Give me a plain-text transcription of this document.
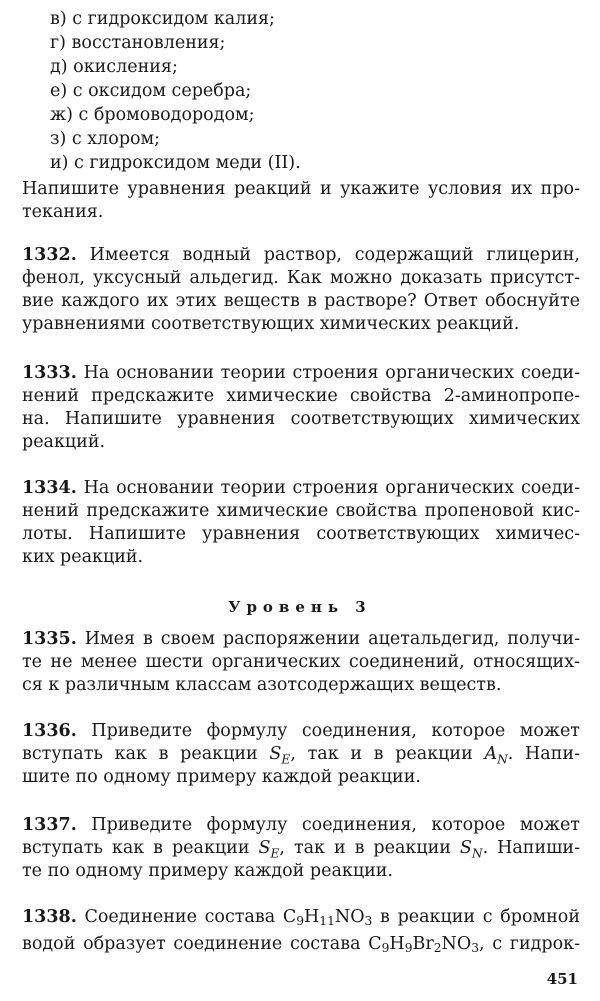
в) с гидроксидом калия;
г) восстановления;
д) окисления;
е) с оксидом серебра;
ж) с бромоводородом;
з) с хлором;
и) с гидроксидом меди (II).
Напишите уравнения реакций и укажите условия их про-
текания.
1332. Имеется водный раствор, содержащий глицерин,
фенол, уксусный альдегид. Как можно доказать присутст-
вие каждого их этих веществ в растворе? Ответ обоснуйте
уравнениями соответствующих химических реакций.
1333. На основании теории строения органических соеди-
нений предскажите химические свойства 2-аминопропе-
на. Напишите уравнения соответствующих химических
реакций.
1334. На основании теории строения органических соеди-
нений предскажите химические свойства пропеновой кис-
лоты. Напишите уравнения соответствующих химичес-
ких реакций.
Уровень 3
1335. Имея в своем распоряжении ацетальдегид, получи-
те не менее шести органических соединений, относящих-
ся к различным классам азотсодержащих веществ.
1336. Приведите формулу соединения, которое может
вступать как в реакции $S_E$, так и в реакции $A_N$. Напи-
шите по одному примеру каждой реакции.
1337. Приведите формулу соединения, которое может
вступать как в реакции $S_E$, так и в реакции $S_N$. Напиши-
те по одному примеру каждой реакции.
1338. Соединение состава C9H11NO3 в реакции с бромной
водой образует соединение состава C9H9Br2NO3, с гидрок-
451
